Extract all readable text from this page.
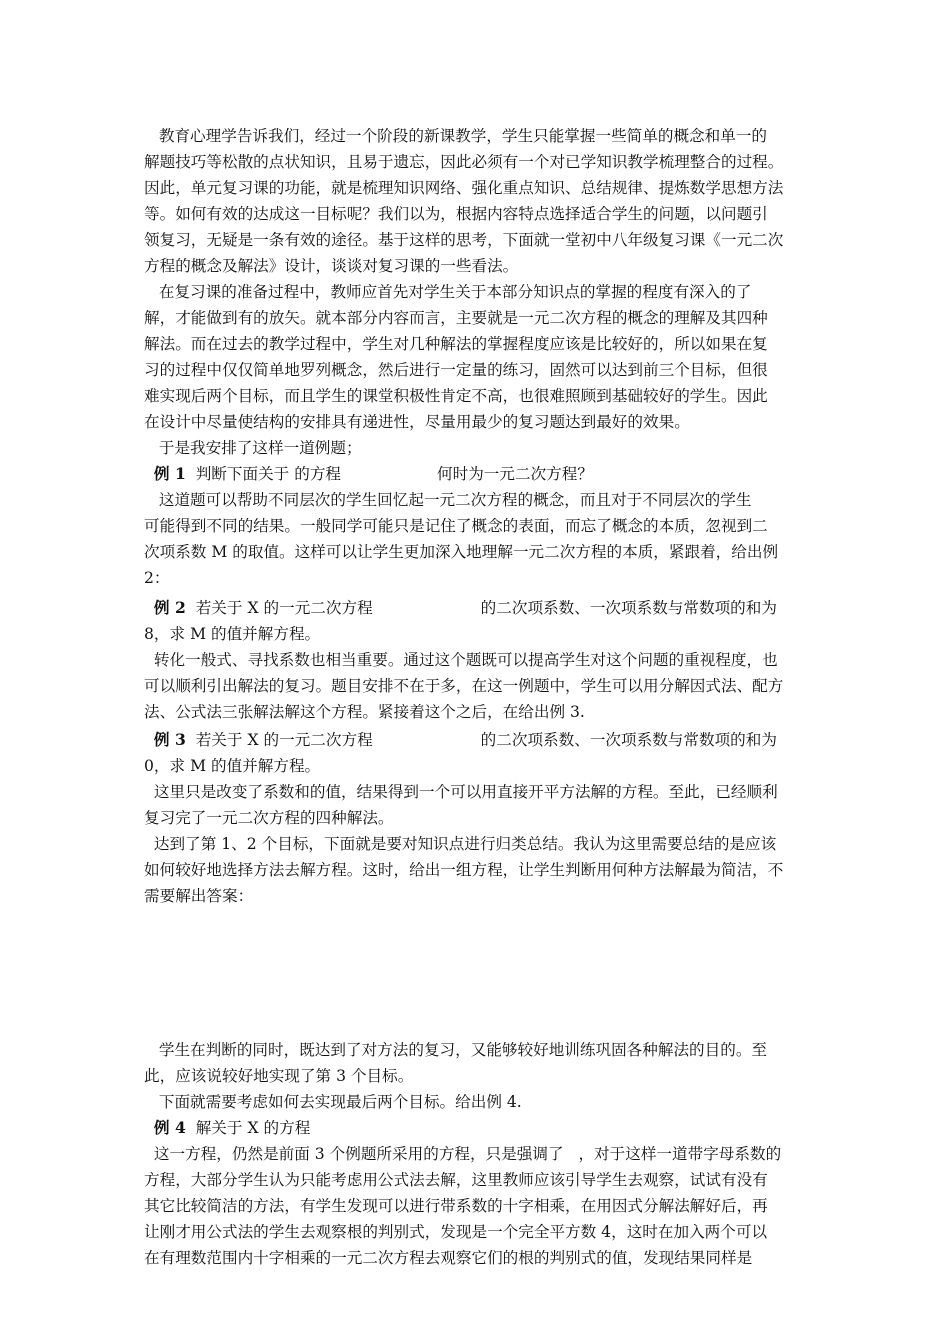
教育心理学告诉我们，经过一个阶段的新课教学，学生只能掌握一些简单的概念和单一的
解题技巧等松散的点状知识，且易于遗忘，因此必须有一个对已学知识教学梳理整合的过程。
因此，单元复习课的功能，就是梳理知识网络、强化重点知识、总结规律、提炼数学思想方法
等。如何有效的达成这一目标呢？我们以为，根据内容特点选择适合学生的问题，以问题引
领复习，无疑是一条有效的途径。基于这样的思考，下面就一堂初中八年级复习课《一元二次
方程的概念及解法》设计，谈谈对复习课的一些看法。
在复习课的准备过程中，教师应首先对学生关于本部分知识点的掌握的程度有深入的了
解，才能做到有的放矢。就本部分内容而言，主要就是一元二次方程的概念的理解及其四种
解法。而在过去的教学过程中，学生对几种解法的掌握程度应该是比较好的，所以如果在复
习的过程中仅仅简单地罗列概念，然后进行一定量的练习，固然可以达到前三个目标，但很
难实现后两个目标，而且学生的课堂积极性肯定不高，也很难照顾到基础较好的学生。因此
在设计中尽量使结构的安排具有递进性，尽量用最少的复习题达到最好的效果。
于是我安排了这样一道例题；
例 1  判断下面关于 的方程	何时为一元二次方程？
这道题可以帮助不同层次的学生回忆起一元二次方程的概念，而且对于不同层次的学生
可能得到不同的结果。一般同学可能只是记住了概念的表面，而忘了概念的本质，忽视到二
次项系数 M 的取值。这样可以让学生更加深入地理解一元二次方程的本质，紧跟着，给出例
2：
例 2  若关于 X 的一元二次方程	的二次项系数、一次项系数与常数项的和为
8，求 M 的值并解方程。
转化一般式、寻找系数也相当重要。通过这个题既可以提高学生对这个问题的重视程度，也
可以顺利引出解法的复习。题目安排不在于多，在这一例题中，学生可以用分解因式法、配方
法、公式法三张解法解这个方程。紧接着这个之后，在给出例 3.
例 3  若关于 X 的一元二次方程	的二次项系数、一次项系数与常数项的和为
0，求 M 的值并解方程。
这里只是改变了系数和的值，结果得到一个可以用直接开平方法解的方程。至此，已经顺利
复习完了一元二次方程的四种解法。
达到了第 1、2 个目标，下面就是要对知识点进行归类总结。我认为这里需要总结的是应该
如何较好地选择方法去解方程。这时，给出一组方程，让学生判断用何种方法解最为简洁，不
需要解出答案：
学生在判断的同时，既达到了对方法的复习，又能够较好地训练巩固各种解法的目的。至
此，应该说较好地实现了第 3 个目标。
下面就需要考虑如何去实现最后两个目标。给出例 4.
例 4  解关于 X 的方程
这一方程，仍然是前面 3 个例题所采用的方程，只是强调了   ，对于这样一道带字母系数的
方程，大部分学生认为只能考虑用公式法去解，这里教师应该引导学生去观察，试试有没有
其它比较简洁的方法，有学生发现可以进行带系数的十字相乘，在用因式分解法解好后，再
让刚才用公式法的学生去观察根的判别式，发现是一个完全平方数 4，这时在加入两个可以
在有理数范围内十字相乘的一元二次方程去观察它们的根的判别式的值，发现结果同样是
